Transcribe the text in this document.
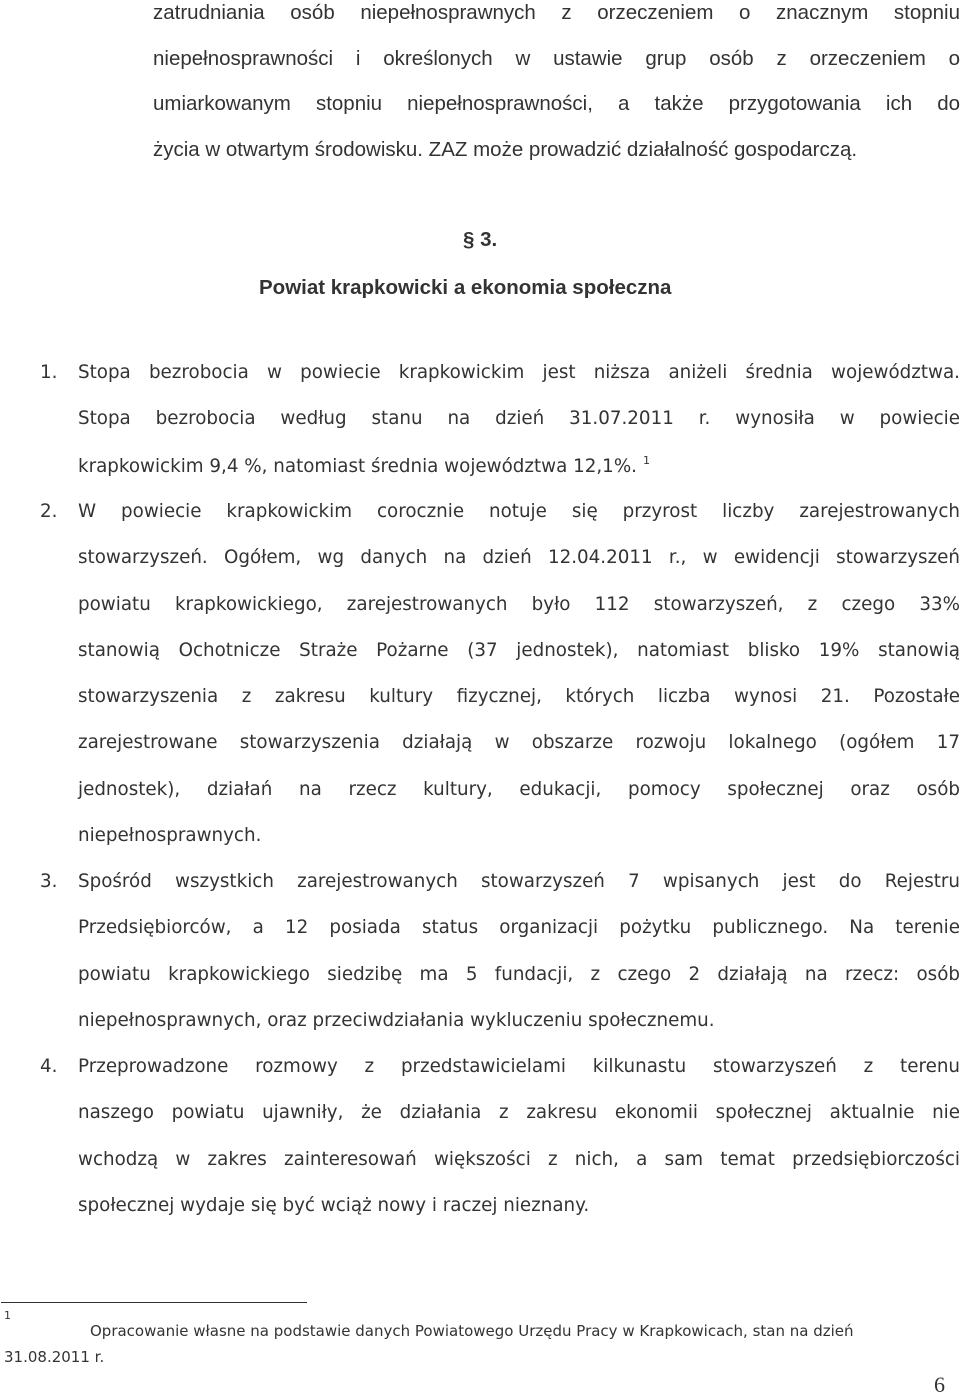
zatrudniania osób niepełnosprawnych z orzeczeniem o znacznym stopniu
niepełnosprawności i określonych w ustawie grup osób z orzeczeniem o
umiarkowanym stopniu niepełnosprawności, a także przygotowania ich do
życia w otwartym środowisku. ZAZ może prowadzić działalność gospodarczą.
§ 3.
Powiat krapkowicki a ekonomia społeczna
1. Stopa bezrobocia w powiecie krapkowickim jest niższa aniżeli średnia województwa.
Stopa bezrobocia według stanu na dzień 31.07.2011 r. wynosiła w powiecie
krapkowickim 9,4 %, natomiast średnia województwa 12,1%. $^1$
2. W powiecie krapkowickim corocznie notuje się przyrost liczby zarejestrowanych
stowarzyszeń. Ogółem, wg danych na dzień 12.04.2011 r., w ewidencji stowarzyszeń
powiatu krapkowickiego, zarejestrowanych było 112 stowarzyszeń, z czego 33%
stanowią Ochotnicze Straże Pożarne (37 jednostek), natomiast blisko 19% stanowią
stowarzyszenia z zakresu kultury fizycznej, których liczba wynosi 21. Pozostałe
zarejestrowane stowarzyszenia działają w obszarze rozwoju lokalnego (ogółem 17
jednostek), działań na rzecz kultury, edukacji, pomocy społecznej oraz osób
niepełnosprawnych.
3. Spośród wszystkich zarejestrowanych stowarzyszeń 7 wpisanych jest do Rejestru
Przedsiębiorców, a 12 posiada status organizacji pożytku publicznego. Na terenie
powiatu krapkowickiego siedzibę ma 5 fundacji, z czego 2 działają na rzecz: osób
niepełnosprawnych, oraz przeciwdziałania wykluczeniu społecznemu.
4. Przeprowadzone rozmowy z przedstawicielami kilkunastu stowarzyszeń z terenu
naszego powiatu ujawniły, że działania z zakresu ekonomii społecznej aktualnie nie
wchodzą w zakres zainteresowań większości z nich, a sam temat przedsiębiorczości
społecznej wydaje się być wciąż nowy i raczej nieznany.
1
Opracowanie własne na podstawie danych Powiatowego Urzędu Pracy w Krapkowicach, stan na dzień
31.08.2011 r.
6
